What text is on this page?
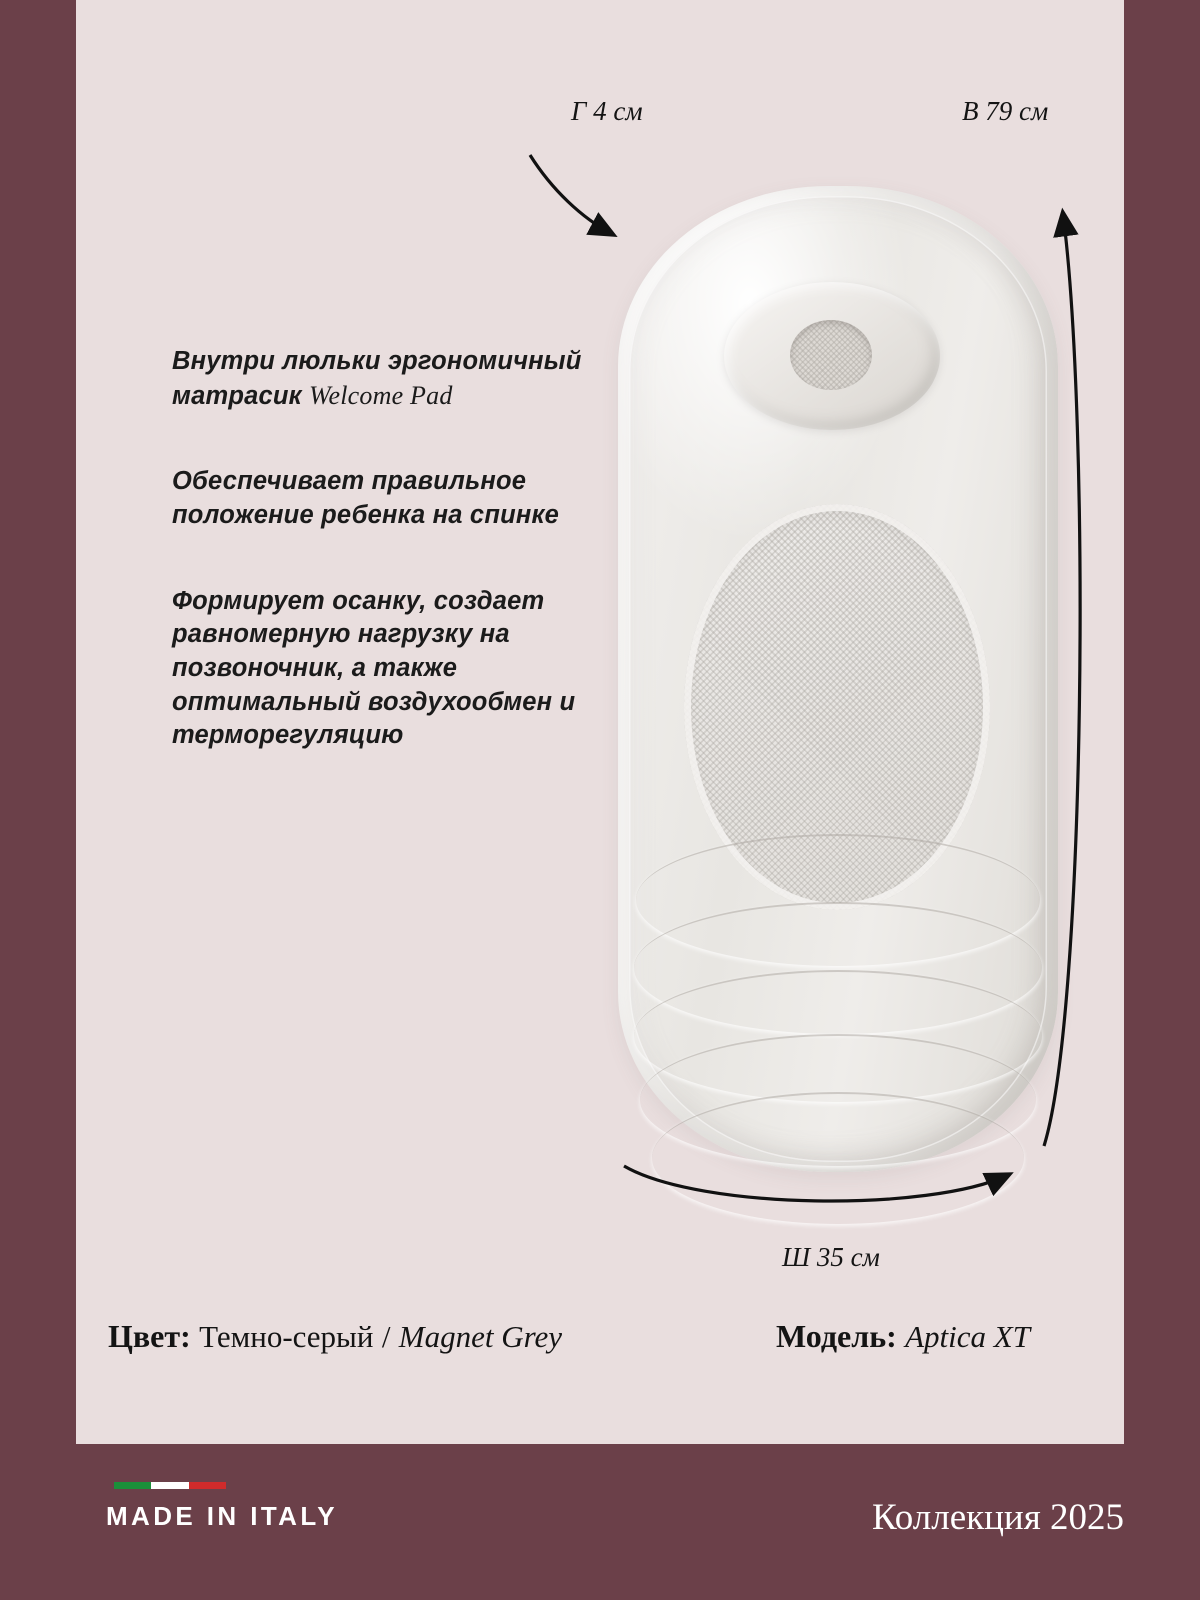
Внутри люльки эргономичный матрасик Welcome Pad
Обеспечивает правильное положение ребенка на спинке
Формирует осанку, создает равномерную нагрузку на позвоночник, а также оптимальный воздухообмен и терморегуляцию
Г 4 см	В 79 см
Ш 35 см
Цвет: Темно-серый / Magnet Grey	Модель: Aptica XT
MADE IN ITALY	Коллекция 2025
